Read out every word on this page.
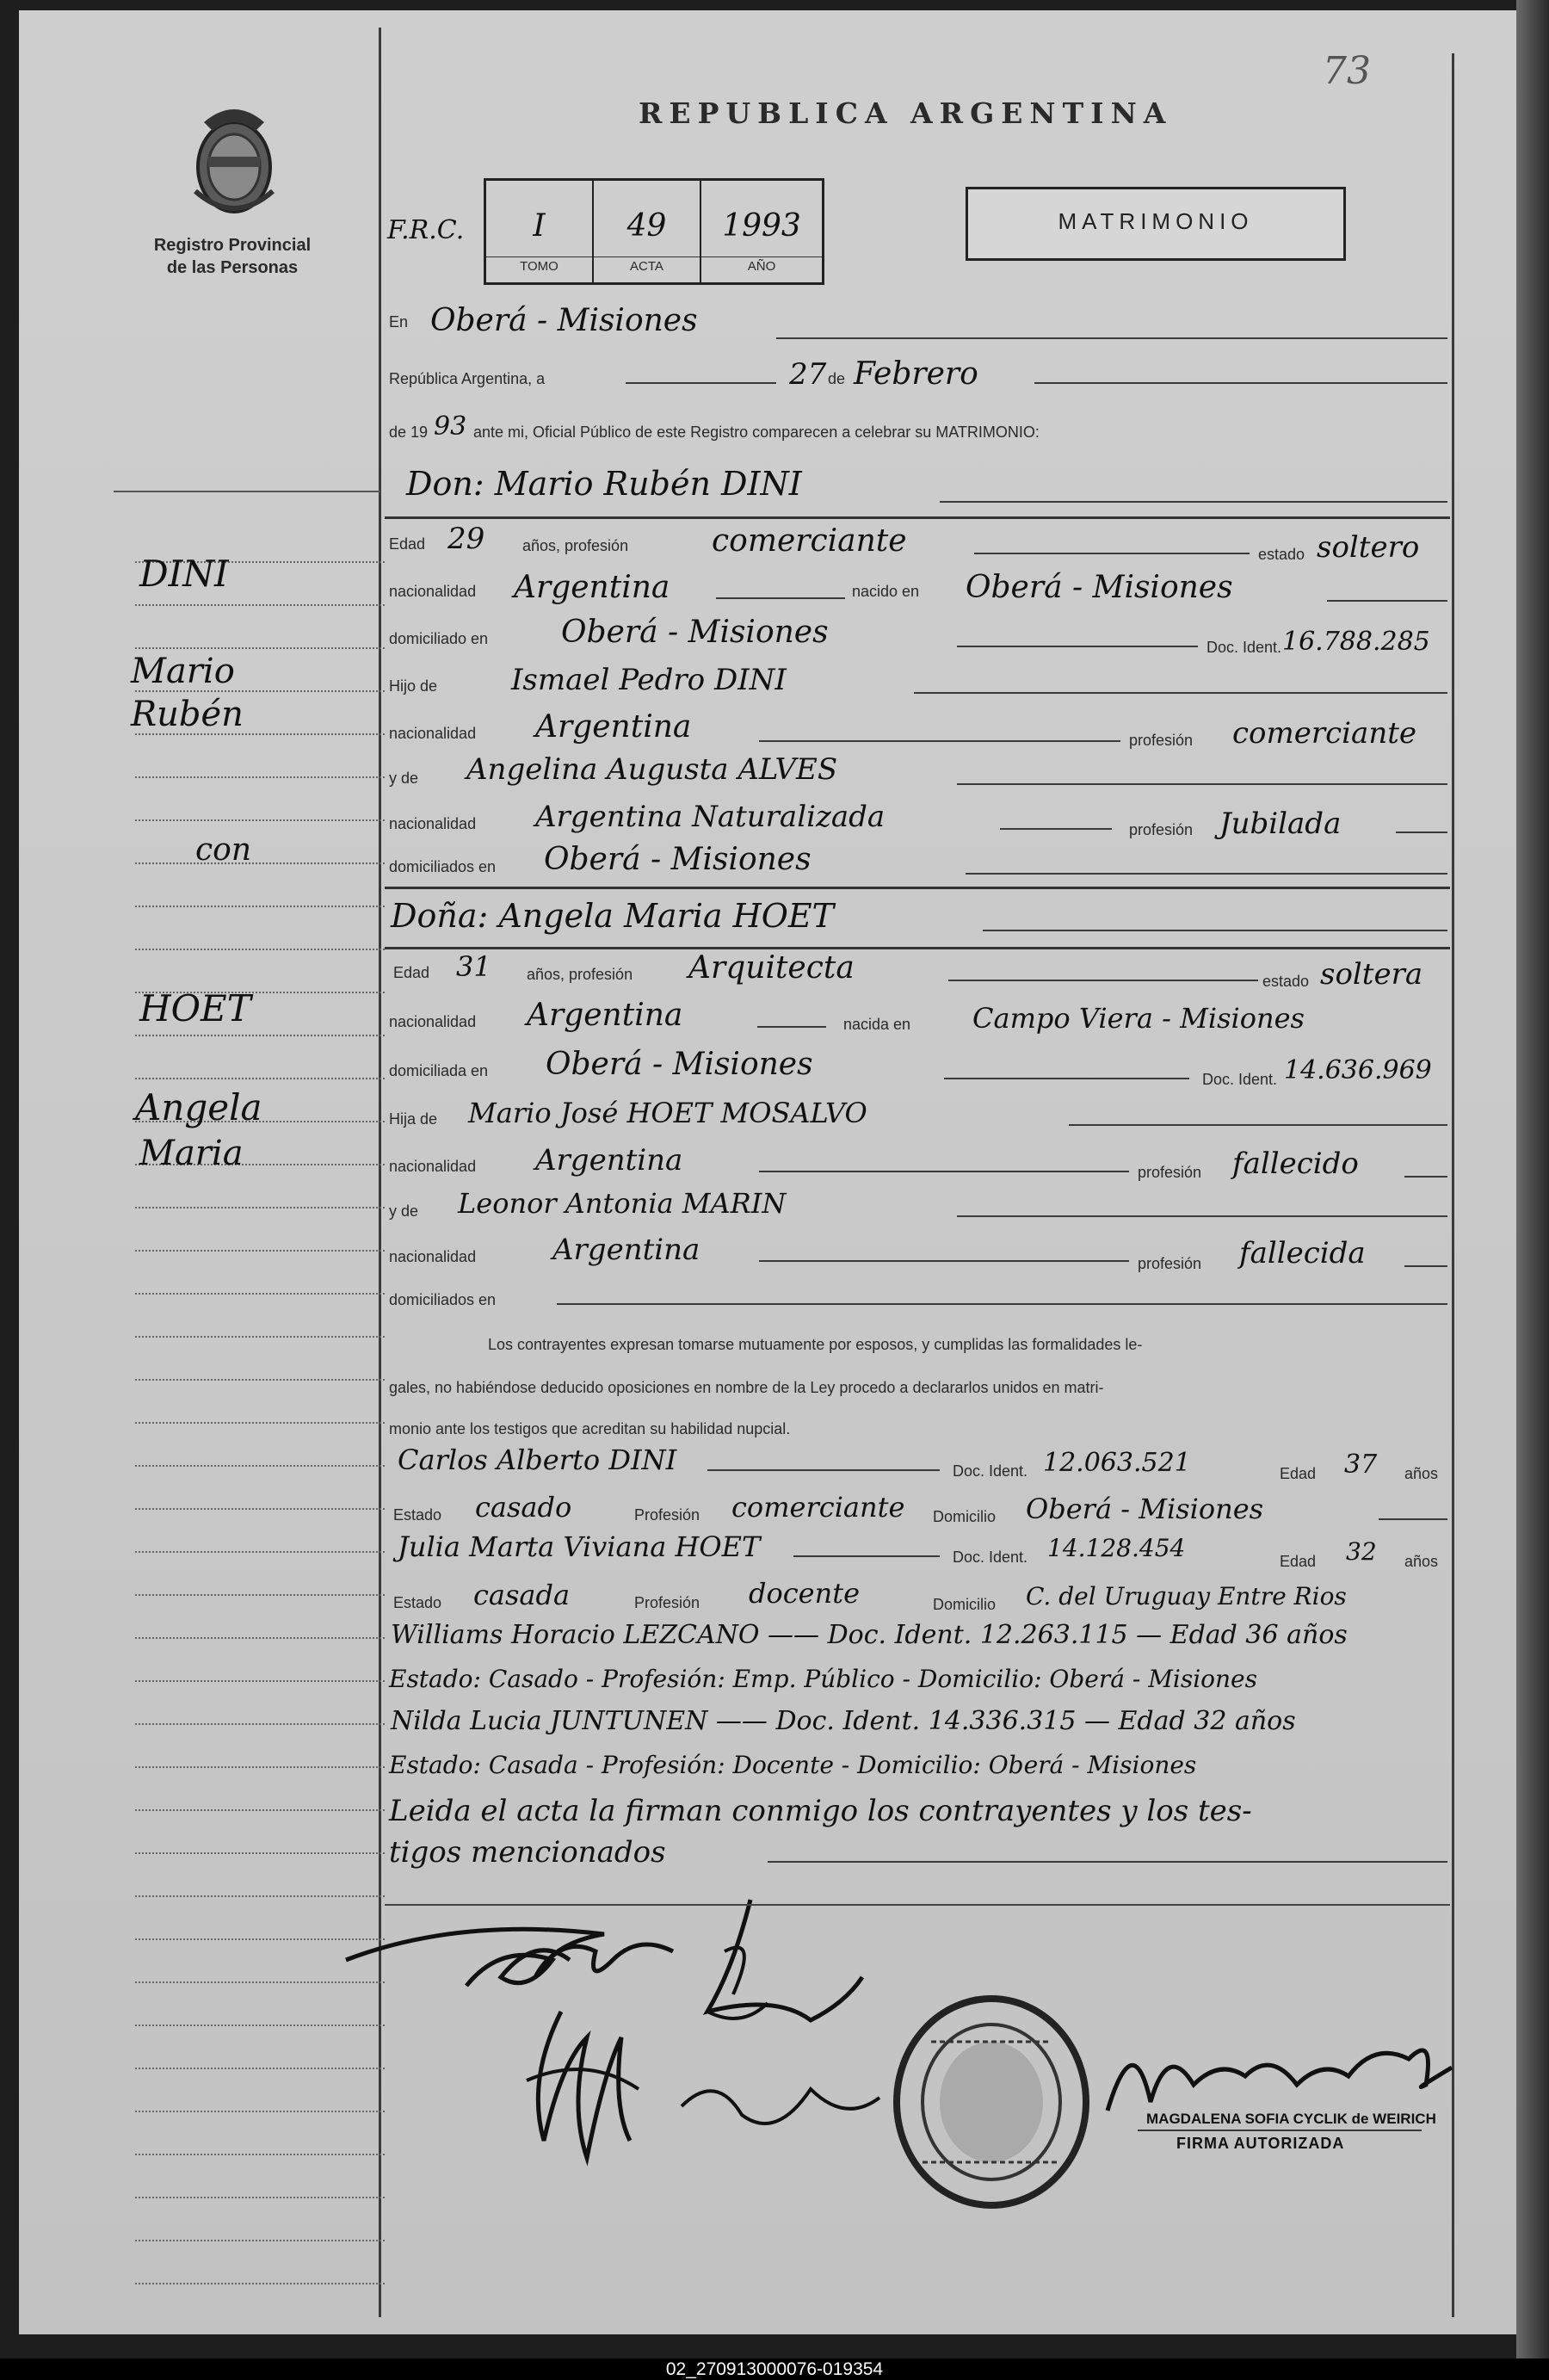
73
Registro Provincial
de las Personas
DINI
Mario
Rubén
con
HOET
Angela
Maria
REPUBLICA ARGENTINA
F.R.C.	I
TOMO
49
ACTA
1993
AÑO
MATRIMONIO
En Oberá - Misiones
República Argentina, a	27 de Febrero
de 19 93 ante mi, Oficial Público de este Registro comparecen a celebrar su MATRIMONIO:
Don: Mario Rubén DINI
Edad 29 años, profesión	comerciante	estado soltero
nacionalidad Argentina	nacido en Oberá - Misiones
domiciliado en Oberá - Misiones	Doc. Ident. 16.788.285
Hijo de	Ismael Pedro DINI
nacionalidad Argentina	profesión comerciante
y de Angelina Augusta ALVES
nacionalidad Argentina Naturalizada	profesión Jubilada
domiciliados en Oberá - Misiones
Doña: Angela Maria HOET
Edad 31 años, profesión Arquitecta	estado soltera
nacionalidad Argentina	nacida en Campo Viera - Misiones
domiciliada en Oberá - Misiones	Doc. Ident. 14.636.969
Hija de Mario José HOET MOSALVO
nacionalidad Argentina	profesión fallecido
y de Leonor Antonia MARIN
nacionalidad	Argentina	profesión fallecida
domiciliados en
Los contrayentes expresan tomarse mutuamente por esposos, y cumplidas las formalidades le-
gales, no habiéndose deducido oposiciones en nombre de la Ley procedo a declararlos unidos en matri-
monio ante los testigos que acreditan su habilidad nupcial.
Carlos Alberto DINI	Doc. Ident. 12.063.521	Edad 37 años
Estado casado	Profesión comerciante Domicilio Oberá - Misiones
Julia Marta Viviana HOET	Doc. Ident. 14.128.454	Edad 32 años
Estado casada	Profesión docente	Domicilio C. del Uruguay Entre Rios
Williams Horacio LEZCANO —— Doc. Ident. 12.263.115 — Edad 36 años
Estado: Casado - Profesión: Emp. Público - Domicilio: Oberá - Misiones
Nilda Lucia JUNTUNEN —— Doc. Ident. 14.336.315 — Edad 32 años
Estado: Casada - Profesión: Docente - Domicilio: Oberá - Misiones
Leida el acta la firman conmigo los contrayentes y los tes-
tigos mencionados
MAGDALENA SOFIA CYCLIK de WEIRICH
FIRMA AUTORIZADA
02_270913000076-019354
